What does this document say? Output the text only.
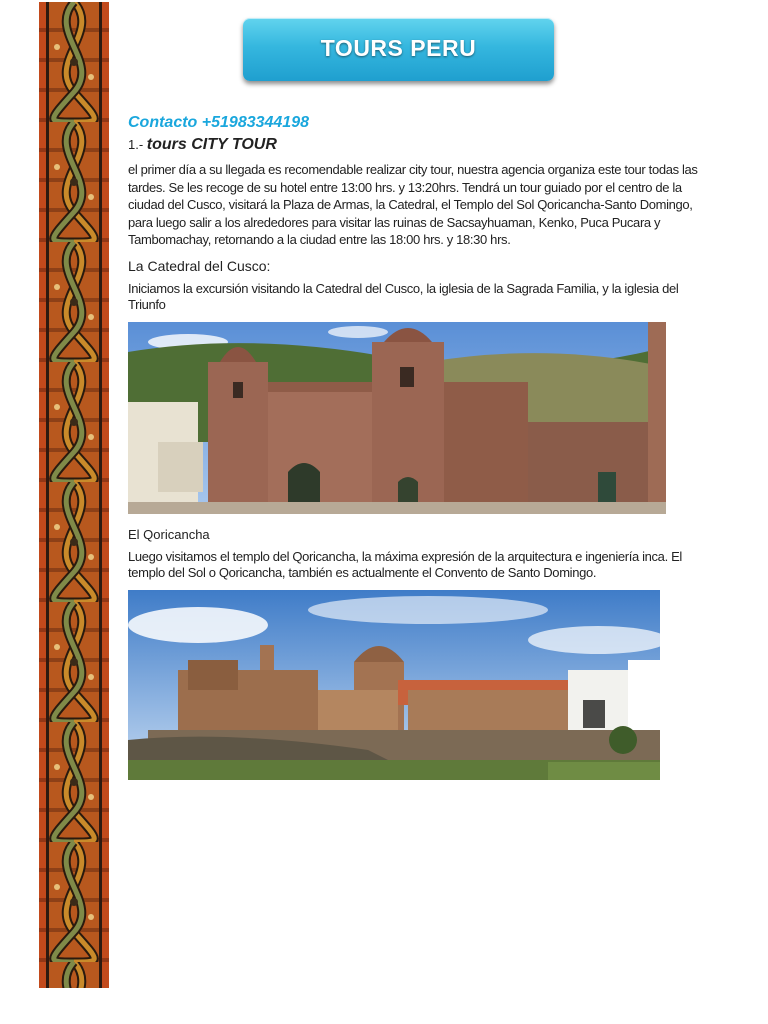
TOURS PERU

Contacto +51983344198

1.- tours CITY TOUR

el primer día a su llegada es recomendable realizar city tour, nuestra agencia organiza este tour todas las tardes. Se les recoge de su hotel entre 13:00 hrs. y 13:20hrs. Tendrá un tour guiado por el centro de la ciudad del Cusco, visitará la Plaza de Armas, la Catedral, el Templo del Sol Qoricancha-Santo Domingo, para luego salir a los alrededores para visitar las ruinas de Sacsayhuaman, Kenko, Puca Pucara y Tambomachay, retornando a la ciudad entre las 18:00 hrs. y 18:30 hrs.

La Catedral del Cusco:

Iniciamos la excursión visitando la Catedral del Cusco, la iglesia de la Sagrada Familia, y la iglesia del Triunfo

El Qoricancha

Luego visitamos el templo del Qoricancha, la máxima expresión de la arquitectura e ingeniería inca. El templo del Sol o Qoricancha, también es actualmente el Convento de Santo Domingo.
